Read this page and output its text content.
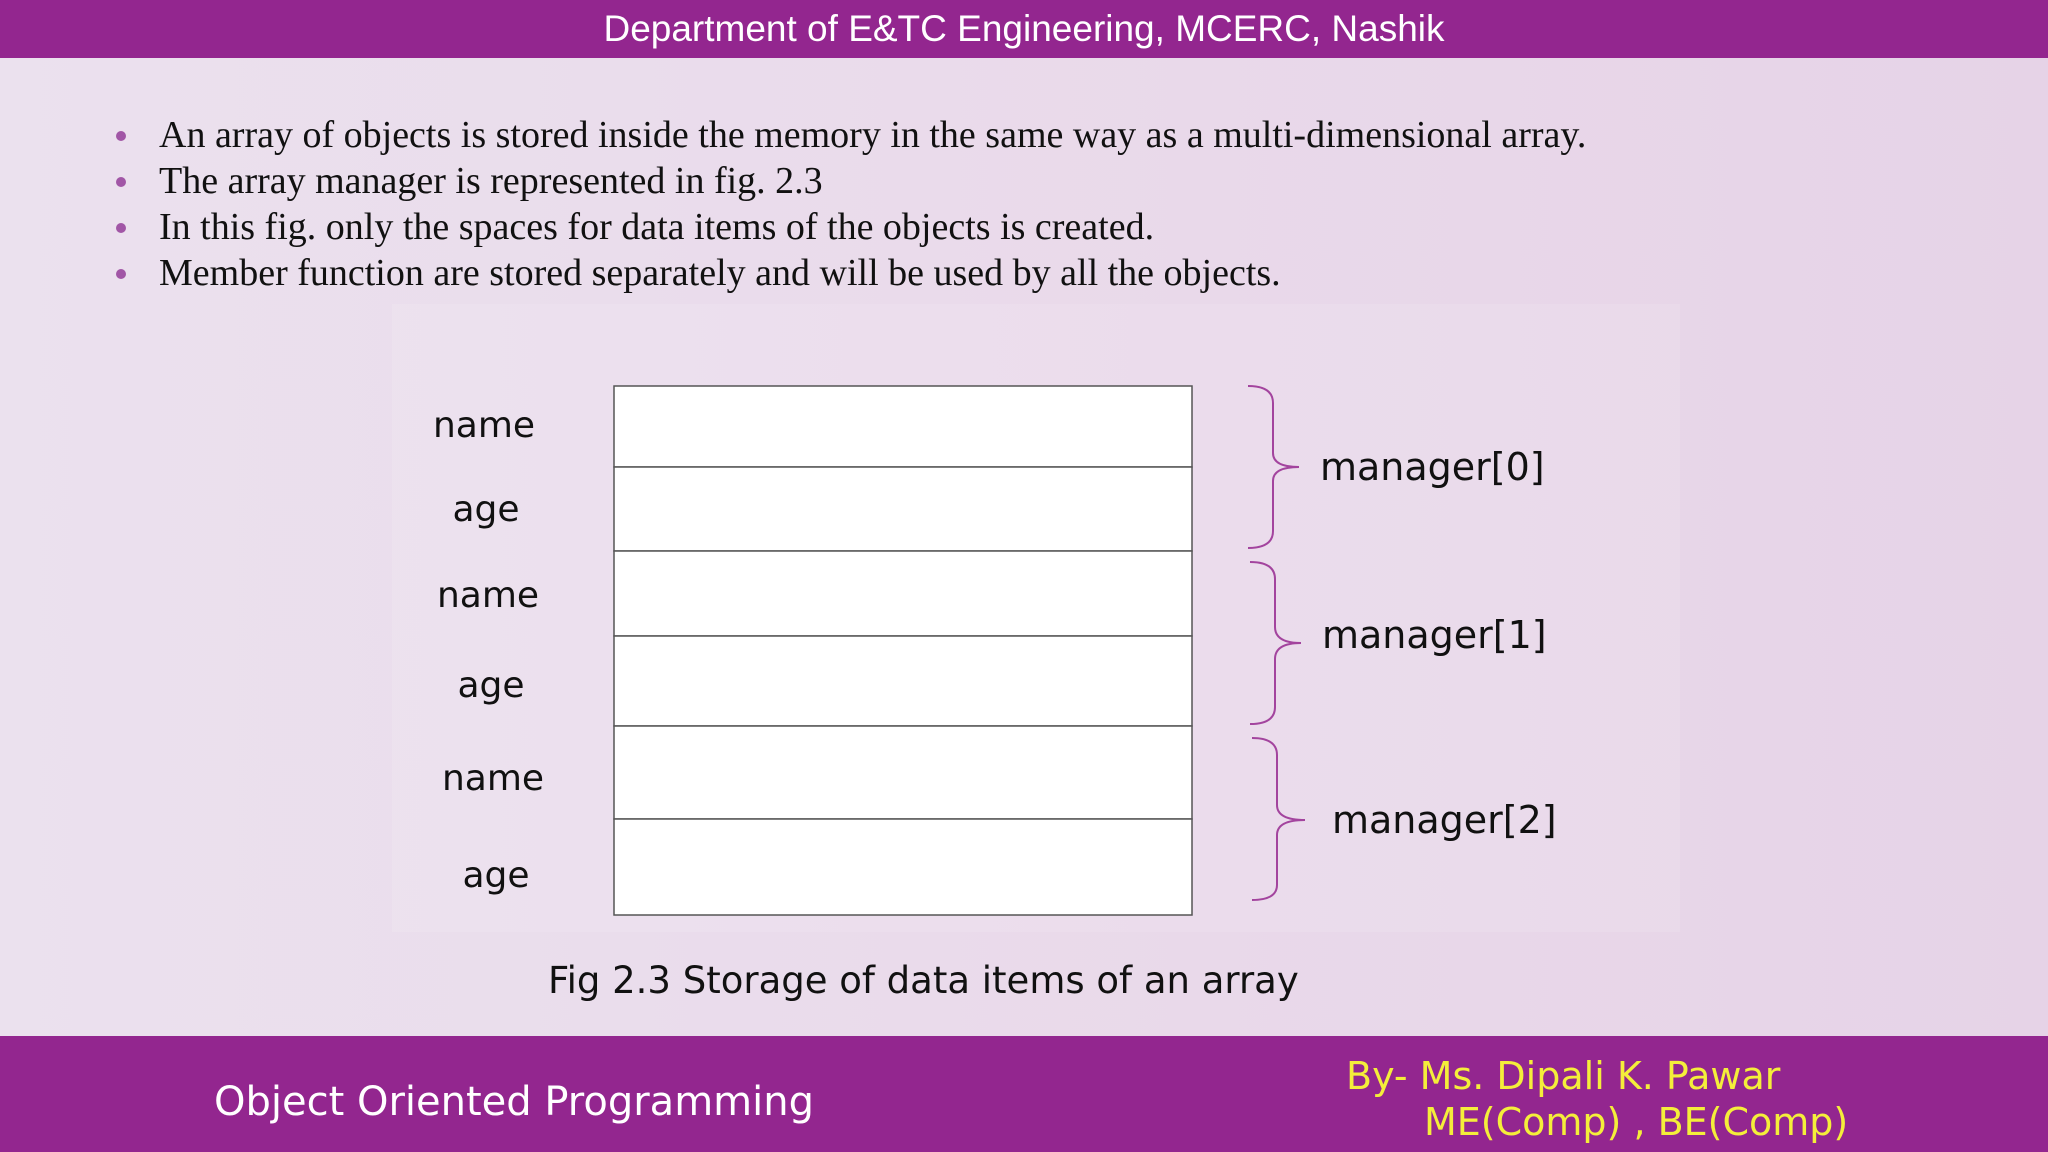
Department of E&TC Engineering, MCERC, Nashik
An array of objects is stored inside the memory in the same way as a multi-dimensional array.
The array manager is represented in fig. 2.3
In this fig. only the spaces for data items of the objects is created.
Member function are stored separately and will be used by all the objects.
name
age
name
age
name
age
manager[0]
manager[1]
manager[2]
Fig 2.3 Storage of data items of an array
Object Oriented Programming
By- Ms. Dipali K. Pawar
ME(Comp) , BE(Comp)
